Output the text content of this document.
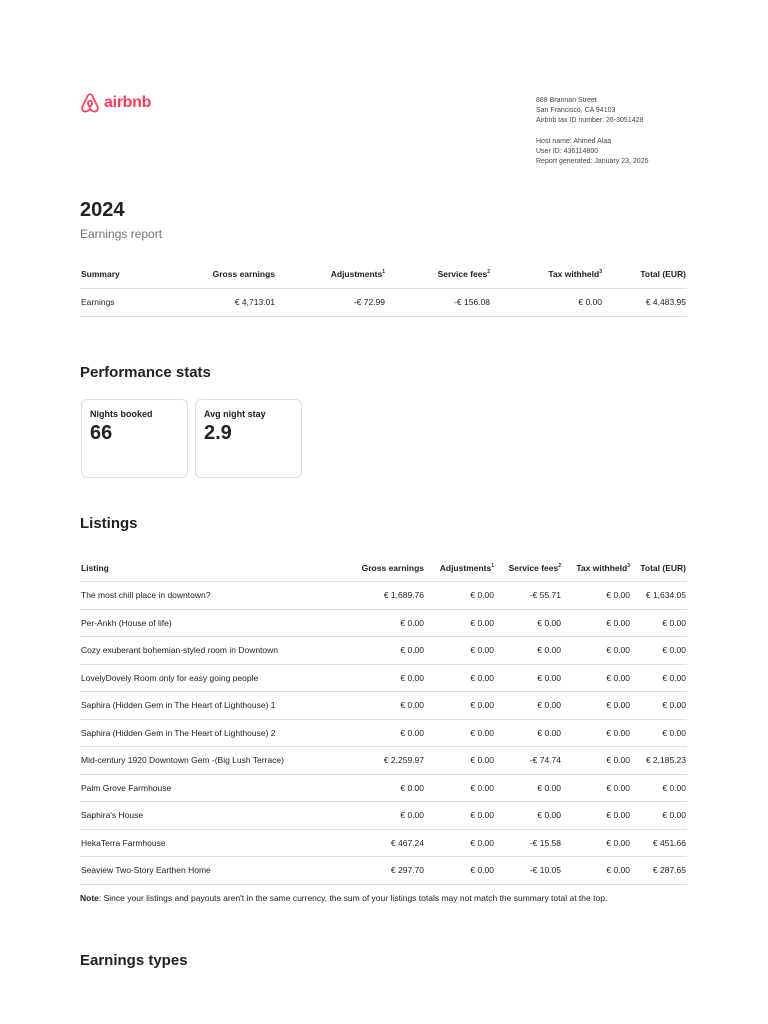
airbnb	888 Brannan Street
San Francisco, CA 94103
Airbnb tax ID number: 26-3051428
Host name: Ahmed Alaa
User ID: 436114800
Report generated: January 23, 2025
2024
Earnings report
Summary	Gross earnings	Adjustments$^1$	Service fees$^2$	Tax withheld$^3$	Total (EUR)
Earnings	€ 4,713.01	-€ 72.99	-€ 156.08	€ 0.00	€ 4,483.95
Performance stats
Nights booked
66
Avg night stay
2.9
Listings
Listing	Gross earnings	Adjustments$^1$	Service fees$^2$	Tax withheld$^3$	Total (EUR)
The most chill place in downtown?	€ 1,689.76	€ 0.00	-€ 55.71	€ 0.00	€ 1,634.05
Per-Ankh (House of life)	€ 0.00	€ 0.00	€ 0.00	€ 0.00	€ 0.00
Cozy exuberant bohemian-styled room in Downtown	€ 0.00	€ 0.00	€ 0.00	€ 0.00	€ 0.00
LovelyDovely Room only for easy going people	€ 0.00	€ 0.00	€ 0.00	€ 0.00	€ 0.00
Saphira (Hidden Gem in The Heart of Lighthouse) 1	€ 0.00	€ 0.00	€ 0.00	€ 0.00	€ 0.00
Saphira (Hidden Gem in The Heart of Lighthouse) 2	€ 0.00	€ 0.00	€ 0.00	€ 0.00	€ 0.00
Mid-century 1920 Downtown Gem -(Big Lush Terrace)	€ 2,259.97	€ 0.00	-€ 74.74	€ 0.00	€ 2,185.23
Palm Grove Farmhouse	€ 0.00	€ 0.00	€ 0.00	€ 0.00	€ 0.00
Saphira's House	€ 0.00	€ 0.00	€ 0.00	€ 0.00	€ 0.00
HekaTerra Farmhouse	€ 467.24	€ 0.00	-€ 15.58	€ 0.00	€ 451.66
Seaview Two-Story Earthen Home	€ 297.70	€ 0.00	-€ 10.05	€ 0.00	€ 287.65
Note: Since your listings and payouts aren't in the same currency, the sum of your listings totals may not match the summary total at the top.
Earnings types
